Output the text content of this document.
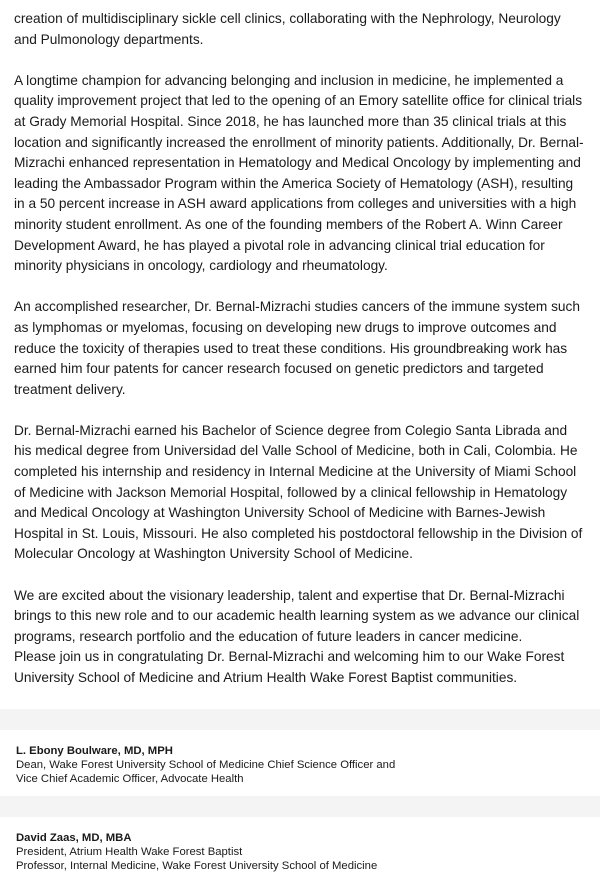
creation of multidisciplinary sickle cell clinics, collaborating with the Nephrology, Neurology and Pulmonology departments.

A longtime champion for advancing belonging and inclusion in medicine, he implemented a quality improvement project that led to the opening of an Emory satellite office for clinical trials at Grady Memorial Hospital. Since 2018, he has launched more than 35 clinical trials at this location and significantly increased the enrollment of minority patients. Additionally, Dr. Bernal-Mizrachi enhanced representation in Hematology and Medical Oncology by implementing and leading the Ambassador Program within the America Society of Hematology (ASH), resulting in a 50 percent increase in ASH award applications from colleges and universities with a high minority student enrollment. As one of the founding members of the Robert A. Winn Career Development Award, he has played a pivotal role in advancing clinical trial education for minority physicians in oncology, cardiology and rheumatology.

An accomplished researcher, Dr. Bernal-Mizrachi studies cancers of the immune system such as lymphomas or myelomas, focusing on developing new drugs to improve outcomes and reduce the toxicity of therapies used to treat these conditions. His groundbreaking work has earned him four patents for cancer research focused on genetic predictors and targeted treatment delivery.

Dr. Bernal-Mizrachi earned his Bachelor of Science degree from Colegio Santa Librada and his medical degree from Universidad del Valle School of Medicine, both in Cali, Colombia. He completed his internship and residency in Internal Medicine at the University of Miami School of Medicine with Jackson Memorial Hospital, followed by a clinical fellowship in Hematology and Medical Oncology at Washington University School of Medicine with Barnes-Jewish Hospital in St. Louis, Missouri. He also completed his postdoctoral fellowship in the Division of Molecular Oncology at Washington University School of Medicine.

We are excited about the visionary leadership, talent and expertise that Dr. Bernal-Mizrachi brings to this new role and to our academic health learning system as we advance our clinical programs, research portfolio and the education of future leaders in cancer medicine.

Please join us in congratulating Dr. Bernal-Mizrachi and welcoming him to our Wake Forest University School of Medicine and Atrium Health Wake Forest Baptist communities.

L. Ebony Boulware, MD, MPH
Dean, Wake Forest University School of Medicine Chief Science Officer and
Vice Chief Academic Officer, Advocate Health
David Zaas, MD, MBA
President, Atrium Health Wake Forest Baptist
Professor, Internal Medicine, Wake Forest University School of Medicine
